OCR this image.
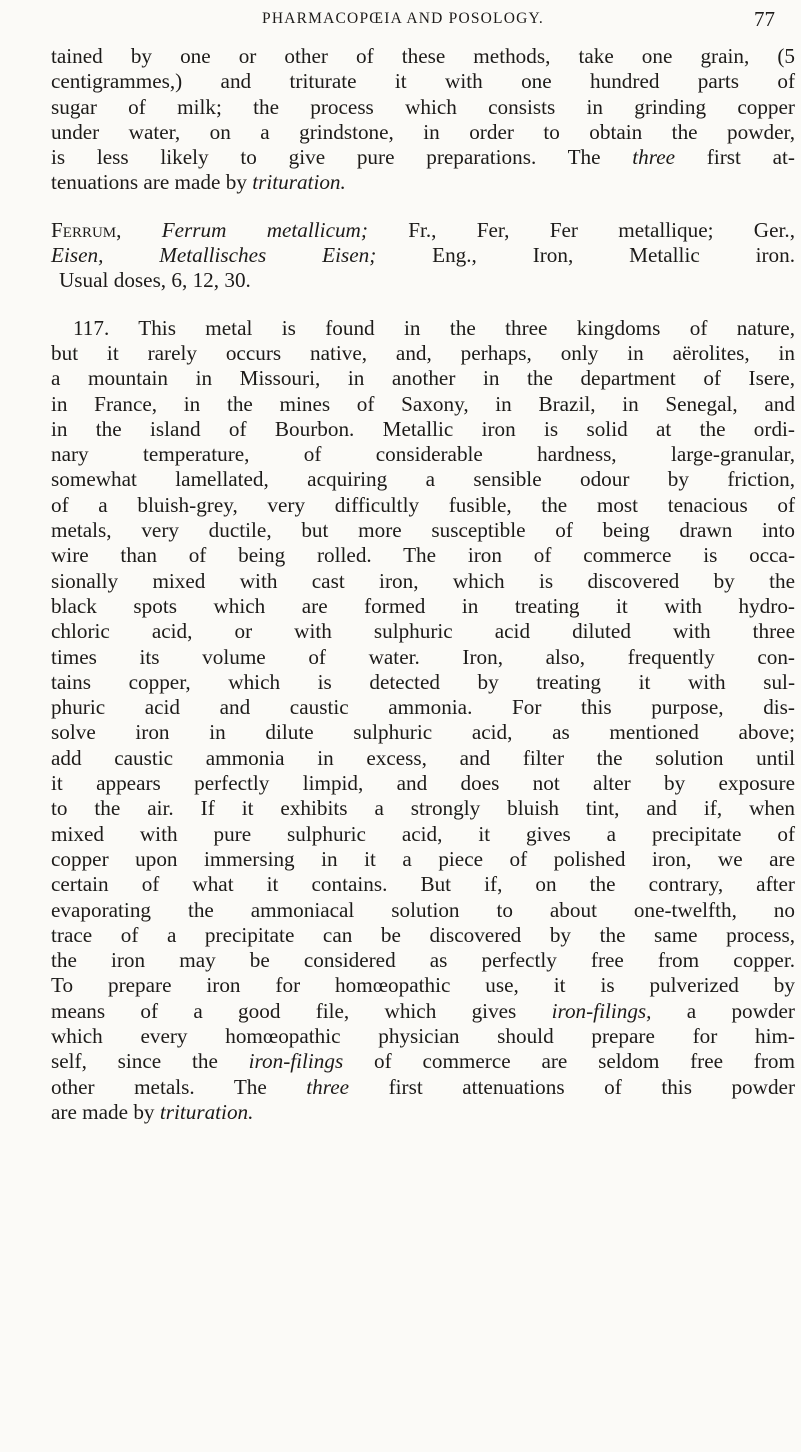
PHARMACOPŒIA AND POSOLOGY.	77
tained by one or other of these methods, take one grain, (5
centigrammes,) and triturate it with one hundred parts of
sugar of milk; the process which consists in grinding copper
under water, on a grindstone, in order to obtain the powder,
is less likely to give pure preparations. The three first at-
tenuations are made by trituration.
Ferrum, Ferrum metallicum; Fr., Fer, Fer metallique; Ger.,
Eisen, Metallisches Eisen; Eng., Iron, Metallic iron.
Usual doses, 6, 12, 30.
117. This metal is found in the three kingdoms of nature,
but it rarely occurs native, and, perhaps, only in aërolites, in
a mountain in Missouri, in another in the department of Isere,
in France, in the mines of Saxony, in Brazil, in Senegal, and
in the island of Bourbon. Metallic iron is solid at the ordi-
nary temperature, of considerable hardness, large-granular,
somewhat lamellated, acquiring a sensible odour by friction,
of a bluish-grey, very difficultly fusible, the most tenacious of
metals, very ductile, but more susceptible of being drawn into
wire than of being rolled. The iron of commerce is occa-
sionally mixed with cast iron, which is discovered by the
black spots which are formed in treating it with hydro-
chloric acid, or with sulphuric acid diluted with three
times its volume of water. Iron, also, frequently con-
tains copper, which is detected by treating it with sul-
phuric acid and caustic ammonia. For this purpose, dis-
solve iron in dilute sulphuric acid, as mentioned above;
add caustic ammonia in excess, and filter the solution until
it appears perfectly limpid, and does not alter by exposure
to the air. If it exhibits a strongly bluish tint, and if, when
mixed with pure sulphuric acid, it gives a precipitate of
copper upon immersing in it a piece of polished iron, we are
certain of what it contains. But if, on the contrary, after
evaporating the ammoniacal solution to about one-twelfth, no
trace of a precipitate can be discovered by the same process,
the iron may be considered as perfectly free from copper.
To prepare iron for homœopathic use, it is pulverized by
means of a good file, which gives iron-filings, a powder
which every homœopathic physician should prepare for him-
self, since the iron-filings of commerce are seldom free from
other metals. The three first attenuations of this powder
are made by trituration.
